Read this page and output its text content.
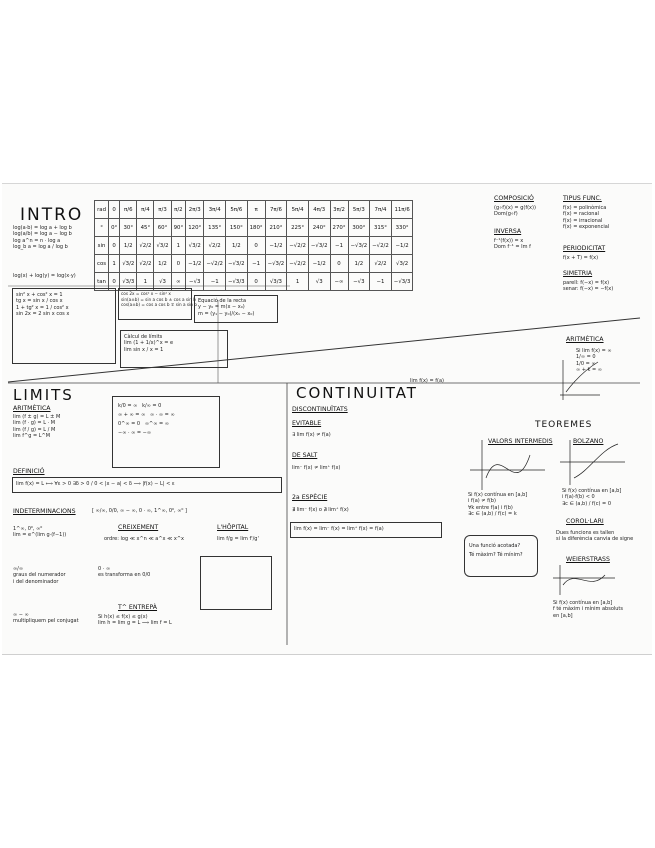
INTRO
log(a·b) = log a + log b
log(a/b) = log a − log b
log a^n = n · log a
log_b a = log a / log b
log(x) + log(y) = log(x·y)
rad	0	π/6	π/4	π/3	π/2	2π/3	3π/4	5π/6	π	7π/6	5π/4	4π/3	3π/2	5π/3	7π/4	11π/6
°	0°	30°	45°	60°	90°	120°	135°	150°	180°	210°	225°	240°	270°	300°	315°	330°
sin	0	1/2	√2/2	√3/2	1	√3/2	√2/2	1/2	0	−1/2	−√2/2	−√3/2	−1	−√3/2	−√2/2	−1/2
cos	1	√3/2	√2/2	1/2	0	−1/2	−√2/2	−√3/2	−1	−√3/2	−√2/2	−1/2	0	1/2	√2/2	√3/2
tan	0	√3/3	1	√3	∞	−√3	−1	−√3/3	0	√3/3	1	√3	−∞	−√3	−1	−√3/3
COMPOSICIÓ
(g∘f)(x) = g(f(x))
Dom(g∘f)
INVERSA
f⁻¹(f(x)) = x
Dom f⁻¹ = Im f
TIPUS FUNC.
f(x) = polinòmica
f(x) = racional
f(x) = irracional
f(x) = exponencial
PERIODICITAT
f(x + T) = f(x)
SIMETRIA
parell: f(−x) = f(x)
senar: f(−x) = −f(x)
ARITMÈTICA
Si lim f(x) = ∞
1/∞ = 0
1/0 = ∞
∞ + k = ∞
sin² x + cos² x = 1
tg x = sin x / cos x
1 + tg² x = 1 / cos² x
sin 2x = 2 sin x cos x
cos 2x = cos² x − sin² x
sin(a±b) = sin a cos b ± cos a sin b
cos(a±b) = cos a cos b ∓ sin a sin b
Equació de la recta
y − y₀ = m(x − x₀)
m = (y₁ − y₀)/(x₁ − x₀)
Càlcul de límits
lim (1 + 1/x)^x = e
lim sin x / x = 1
LIMITS
ARITMÈTICA
lim (f ± g) = L ± M
lim (f · g) = L · M
lim (f / g) = L / M
lim f^g = L^M
k/0 = ∞   k/∞ = 0
∞ + ∞ = ∞   ∞ · ∞ = ∞
0^∞ = 0   ∞^∞ = ∞
−∞ · ∞ = −∞
DEFINICIÓ
lim f(x) = L ⟺ ∀ε > 0 ∃δ > 0 / 0 < |x − a| < δ ⟹ |f(x) − L| < ε
INDETERMINACIONS	[ ∞/∞, 0/0, ∞ − ∞, 0 · ∞, 1^∞, 0⁰, ∞⁰ ]
1^∞, 0⁰, ∞⁰
lim = e^(lim g·(f−1))
∞/∞
graus del numerador
i del denominador
∞ − ∞
multipliquem pel conjugat
CREIXEMENT
ordre: log ≪ x^n ≪ a^x ≪ x^x
L'HÔPITAL
lim f/g = lim f'/g'
0 · ∞
es transforma en 0/0
T^ ENTREPÀ
Si h(x) ≤ f(x) ≤ g(x)
lim h = lim g = L ⟹ lim f = L
CONTINUITAT
lim f(x) = f(a)
DISCONTINUÏTATS
EVITABLE
∃ lim f(x) ≠ f(a)
DE SALT
lim⁻ f(x) ≠ lim⁺ f(x)
2a ESPÈCIE
∄ lim⁻ f(x) o ∄ lim⁺ f(x)
lim f(x) = lim⁻ f(x) = lim⁺ f(x) = f(a)
TEOREMES
VALORS INTERMEDIS
Si f(x) contínua en [a,b]
i f(a) ≠ f(b)
∀k entre f(a) i f(b)
∃c ∈ (a,b) / f(c) = k
BOLZANO
Si f(x) contínua en [a,b]
i f(a)·f(b) < 0
∃c ∈ (a,b) / f(c) = 0
Una funció acotada?
Té màxim? Té mínim?
COROL·LARI
Dues funcions es tallen
si la diferència canvia de signe
WEIERSTRASS
Si f(x) contínua en [a,b]
f té màxim i mínim absoluts
en [a,b]
